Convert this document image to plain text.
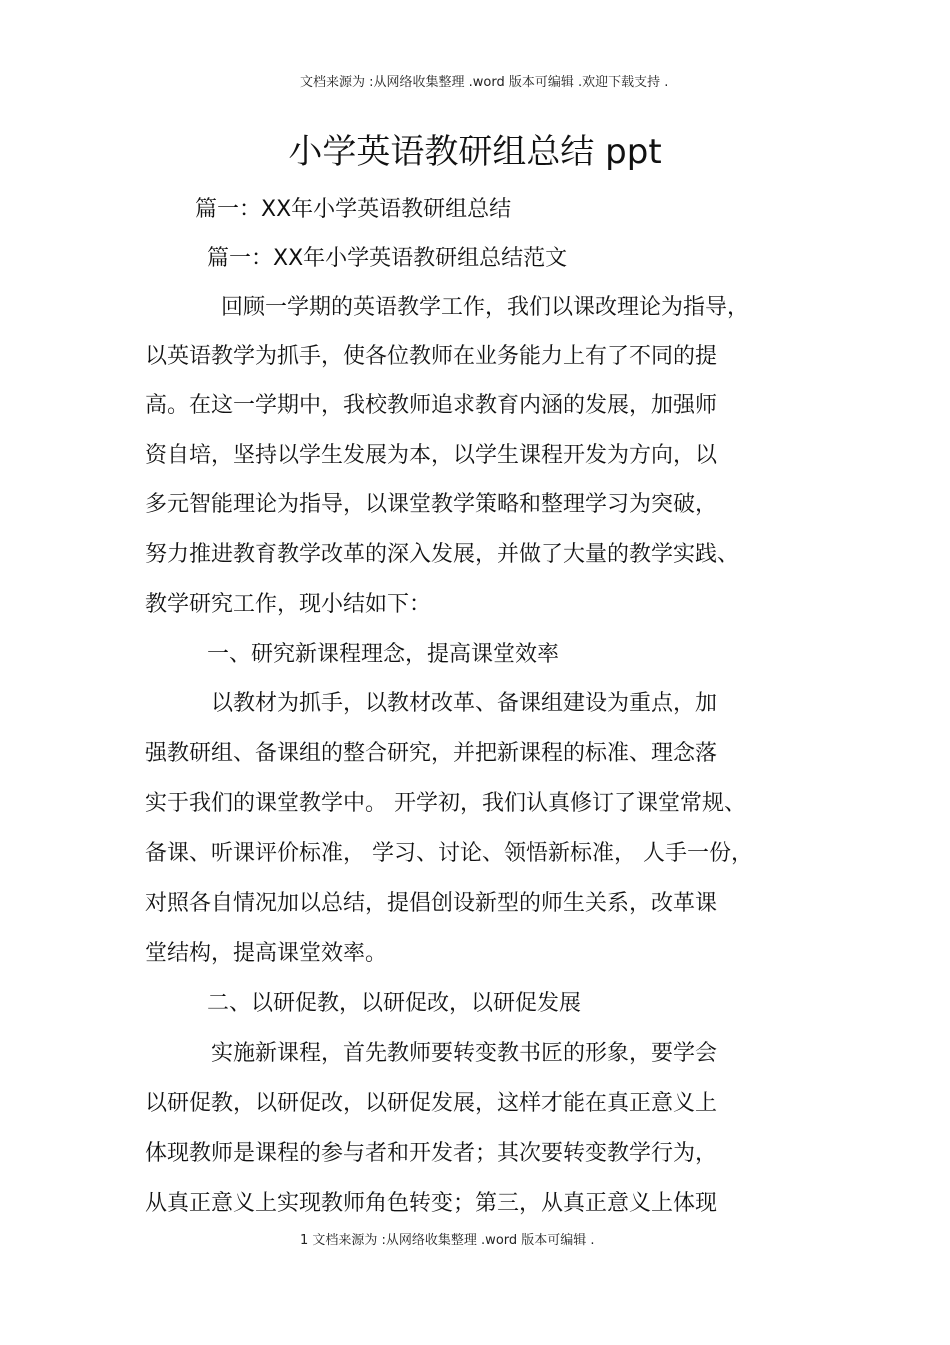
文档来源为 :从网络收集整理 .word 版本可编辑 .欢迎下载支持 .
小学英语教研组总结 ppt
篇一：XX年小学英语教研组总结
篇一：XX年小学英语教研组总结范文
回顾一学期的英语教学工作，我们以课改理论为指导，
以英语教学为抓手，使各位教师在业务能力上有了不同的提
高。在这一学期中，我校教师追求教育内涵的发展，加强师
资自培，坚持以学生发展为本，以学生课程开发为方向，以
多元智能理论为指导，以课堂教学策略和整理学习为突破，
努力推进教育教学改革的深入发展，并做了大量的教学实践、
教学研究工作，现小结如下：
一、研究新课程理念，提高课堂效率
以教材为抓手，以教材改革、备课组建设为重点，加
强教研组、备课组的整合研究，并把新课程的标准、理念落
实于我们的课堂教学中。 开学初，我们认真修订了课堂常规、
备课、听课评价标准， 学习、讨论、领悟新标准， 人手一份，
对照各自情况加以总结，提倡创设新型的师生关系，改革课
堂结构，提高课堂效率。
二、以研促教，以研促改，以研促发展
实施新课程，首先教师要转变教书匠的形象，要学会
以研促教，以研促改，以研促发展，这样才能在真正意义上
体现教师是课程的参与者和开发者；其次要转变教学行为，
从真正意义上实现教师角色转变；第三，从真正意义上体现
1 文档来源为 :从网络收集整理 .word 版本可编辑 .
